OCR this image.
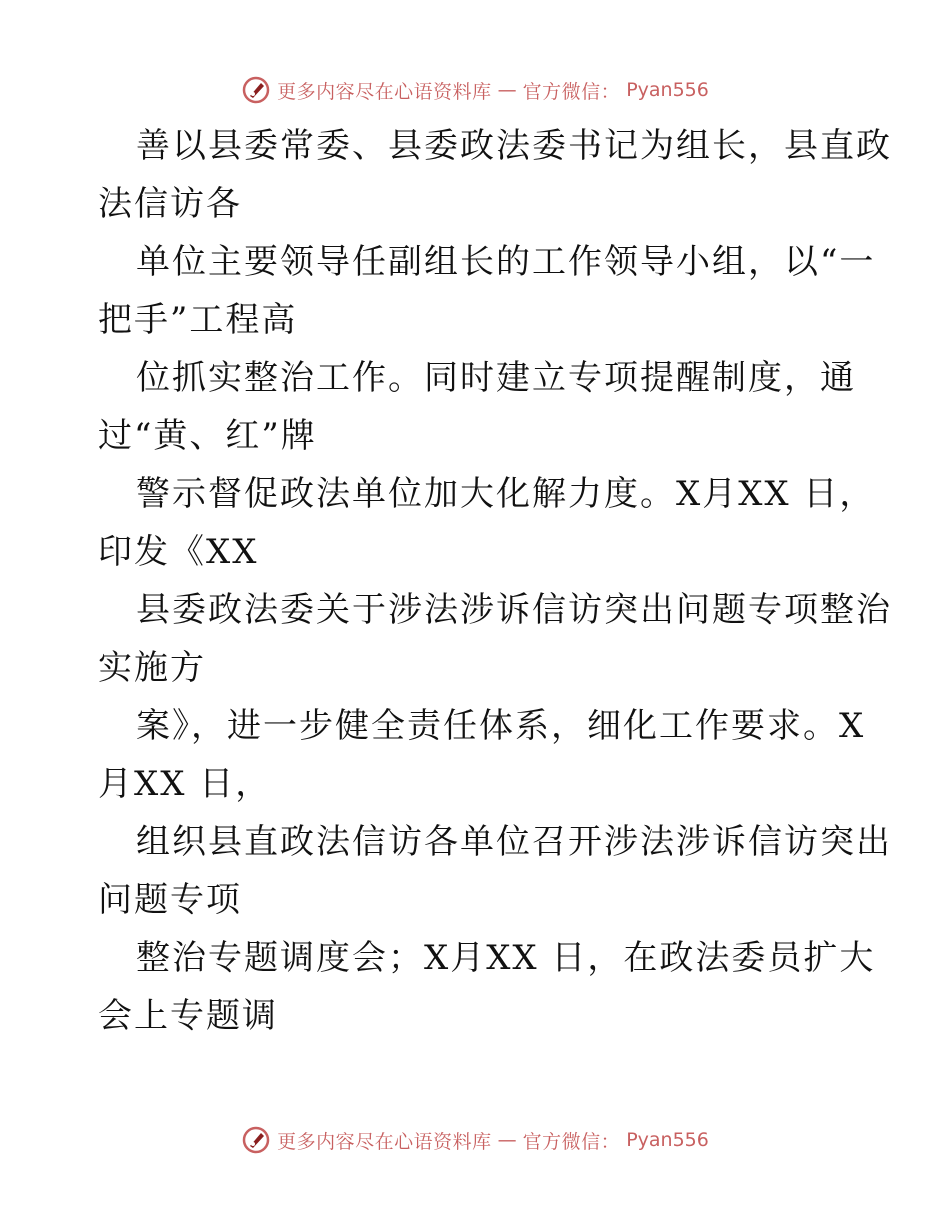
更多内容尽在心语资料库 — 官方微信： Pyan556
善以县委常委、县委政法委书记为组长，县直政
法信访各
单位主要领导任副组长的工作领导小组，以“一
把手”工程高
位抓实整治工作。同时建立专项提醒制度，通
过“黄、红”牌
警示督促政法单位加大化解力度。X月XX 日，
印发《XX
县委政法委关于涉法涉诉信访突出问题专项整治
实施方
案》，进一步健全责任体系，细化工作要求。X
月XX 日，
组织县直政法信访各单位召开涉法涉诉信访突出
问题专项
整治专题调度会；X月XX 日，在政法委员扩大
会上专题调
更多内容尽在心语资料库 — 官方微信： Pyan556
